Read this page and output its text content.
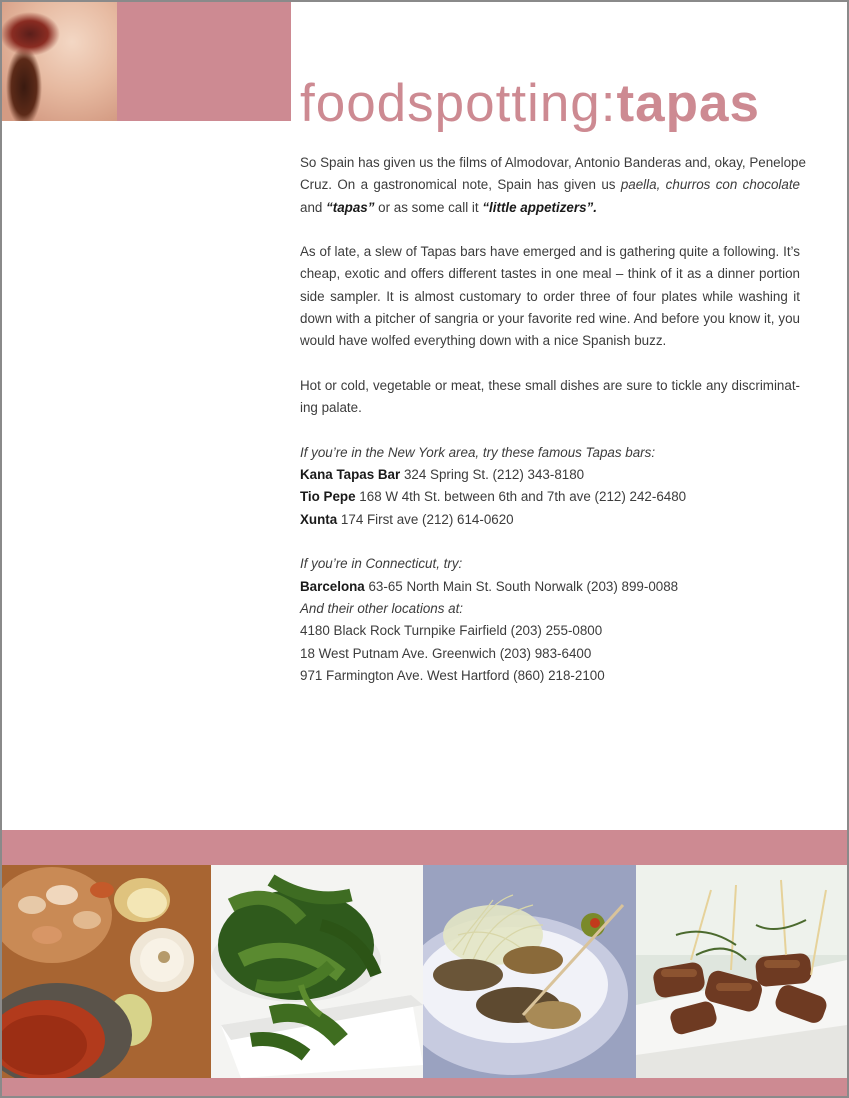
foodspotting:tapas

So Spain has given us the films of Almodovar, Antonio Banderas and, okay, Penelope
Cruz. On a gastronomical note, Spain has given us paella, churros con chocolate
and “tapas” or as some call it “little appetizers”.

As of late, a slew of Tapas bars have emerged and is gathering quite a following. It’s cheap, exotic and offers different tastes in one meal – think of it as a dinner portion side sampler. It is almost customary to order three of four plates while washing it down with a pitcher of sangria or your favorite red wine. And before you know it, you would have wolfed everything down with a nice Spanish buzz.

Hot or cold, vegetable or meat, these small dishes are sure to tickle any discriminat- ing palate.

If you’re in the New York area, try these famous Tapas bars:
Kana Tapas Bar 324 Spring St. (212) 343-8180
Tio Pepe 168 W 4th St. between 6th and 7th ave (212) 242-6480
Xunta 174 First ave (212) 614-0620

If you’re in Connecticut, try:
Barcelona 63-65 North Main St. South Norwalk (203) 899-0088
And their other locations at:
4180 Black Rock Turnpike Fairfield (203) 255-0800
18 West Putnam Ave. Greenwich (203) 983-6400
971 Farmington Ave. West Hartford (860) 218-2100
